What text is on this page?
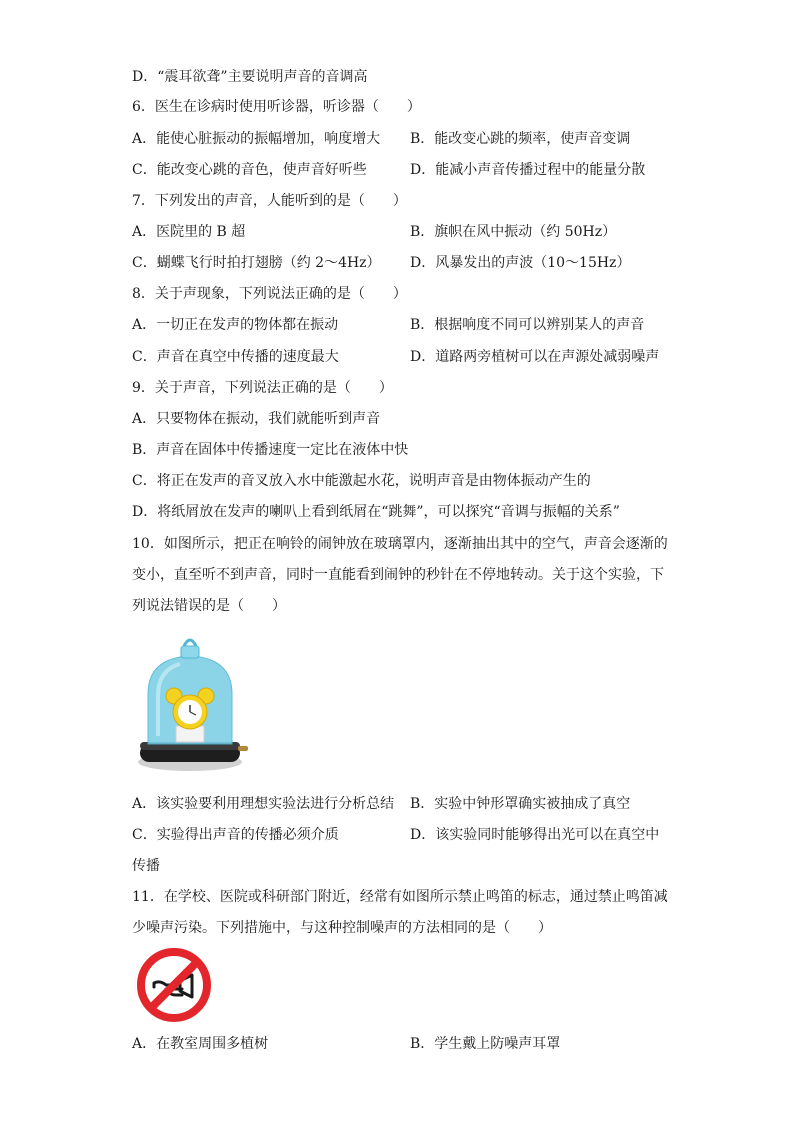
D．“震耳欲聋”主要说明声音的音调高
6．医生在诊病时使用听诊器，听诊器（　　）
A．能使心脏振动的振幅增加，响度增大 B．能改变心跳的频率，使声音变调
C．能改变心跳的音色，使声音好听些	D．能减小声音传播过程中的能量分散
7．下列发出的声音，人能听到的是（　　）
A．医院里的 B 超	B．旗帜在风中振动（约 50Hz）
C．蝴蝶飞行时拍打翅膀（约 2～4Hz） D．风暴发出的声波（10～15Hz）
8．关于声现象，下列说法正确的是（　　）
A．一切正在发声的物体都在振动	B．根据响度不同可以辨别某人的声音
C．声音在真空中传播的速度最大	D．道路两旁植树可以在声源处减弱噪声
9．关于声音，下列说法正确的是（　　）
A．只要物体在振动，我们就能听到声音
B．声音在固体中传播速度一定比在液体中快
C．将正在发声的音叉放入水中能激起水花，说明声音是由物体振动产生的
D．将纸屑放在发声的喇叭上看到纸屑在“跳舞”，可以探究“音调与振幅的关系”
10．如图所示，把正在响铃的闹钟放在玻璃罩内，逐渐抽出其中的空气，声音会逐渐的
变小，直至听不到声音，同时一直能看到闹钟的秒针在不停地转动。关于这个实验，下
列说法错误的是（　　）
A．该实验要利用理想实验法进行分析总结 B．实验中钟形罩确实被抽成了真空
C．实验得出声音的传播必须介质	D．该实验同时能够得出光可以在真空中
传播
11．在学校、医院或科研部门附近，经常有如图所示禁止鸣笛的标志，通过禁止鸣笛减
少噪声污染。下列措施中，与这种控制噪声的方法相同的是（　　）
A．在教室周围多植树	B．学生戴上防噪声耳罩
